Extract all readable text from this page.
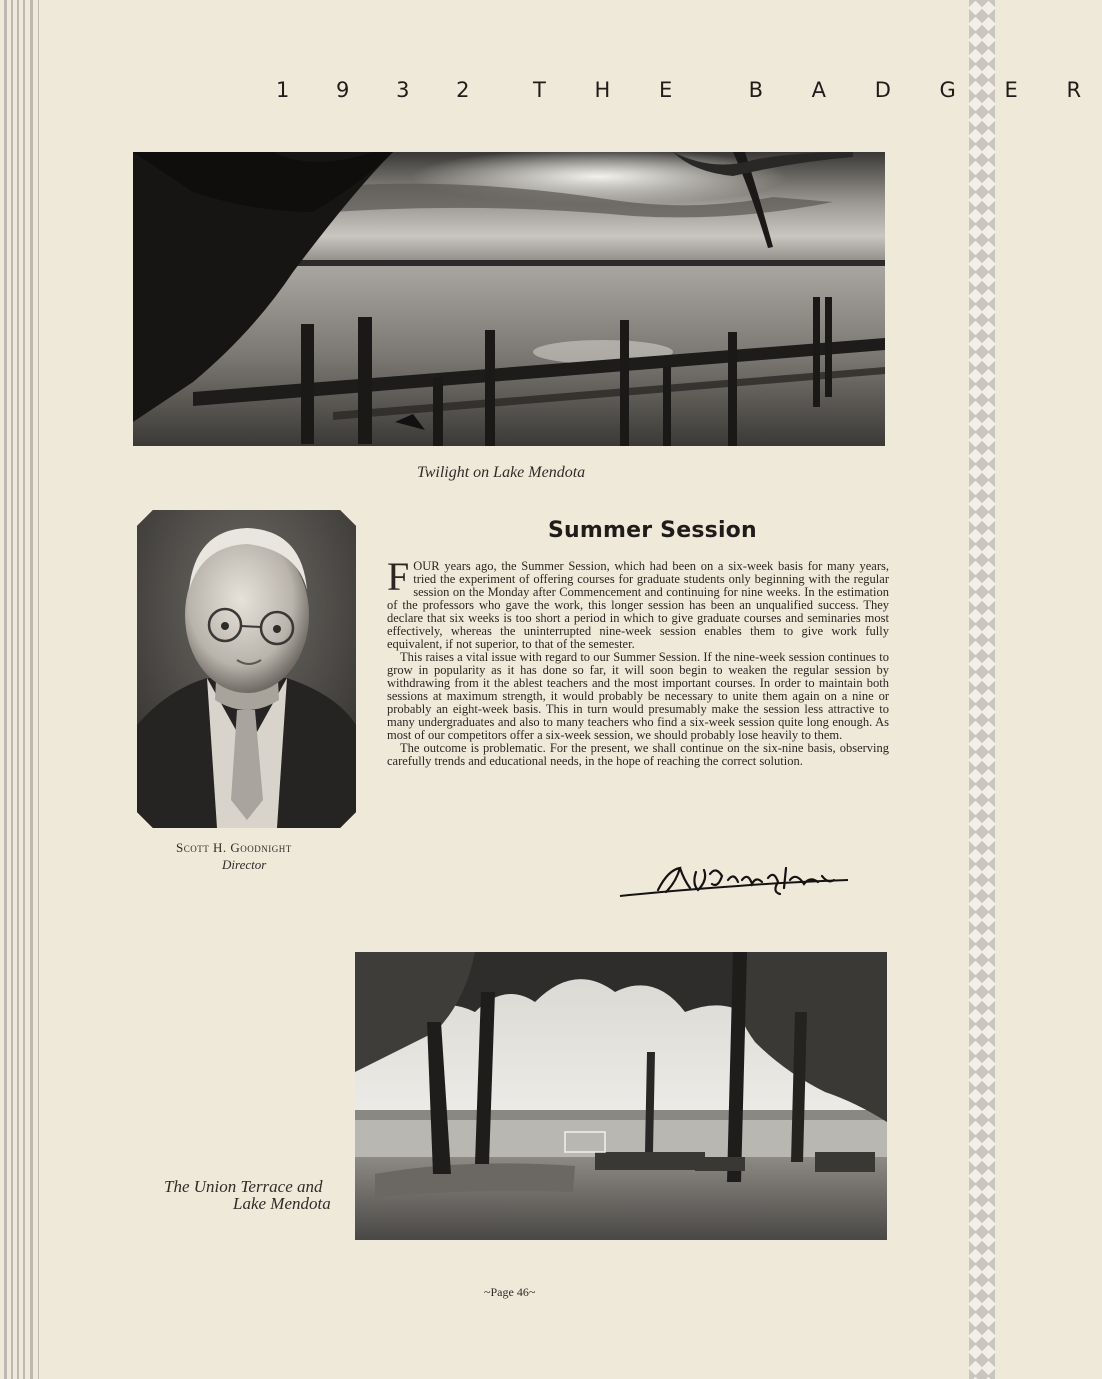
1 9 3 2 T H E  B A D G E R
Twilight on Lake Mendota
Scott H. Goodnight
Director
Summer Session

FOUR years ago, the Summer Session, which had been on a six-week basis for many years, tried the experiment of offering courses for graduate students only beginning with the regular session on the Monday after Commencement and continuing for nine weeks. In the estimation of the professors who gave the work, this longer session has been an unqualified success. They declare that six weeks is too short a period in which to give graduate courses and seminaries most effectively, whereas the uninterrupted nine-week session enables them to give work fully equivalent, if not superior, to that of the semester.

This raises a vital issue with regard to our Summer Session. If the nine-week session continues to grow in popularity as it has done so far, it will soon begin to weaken the regular session by withdrawing from it the ablest teachers and the most important courses. In order to maintain both sessions at maximum strength, it would probably be necessary to unite them again on a nine or probably an eight-week basis. This in turn would presumably make the session less attractive to many undergraduates and also to many teachers who find a six-week session quite long enough. As most of our competitors offer a six-week session, we should probably lose heavily to them.

The outcome is problematic. For the present, we shall continue on the six-nine basis, observing carefully trends and educational needs, in the hope of reaching the correct solution.

The Union Terrace and
Lake Mendota
~Page 46~
